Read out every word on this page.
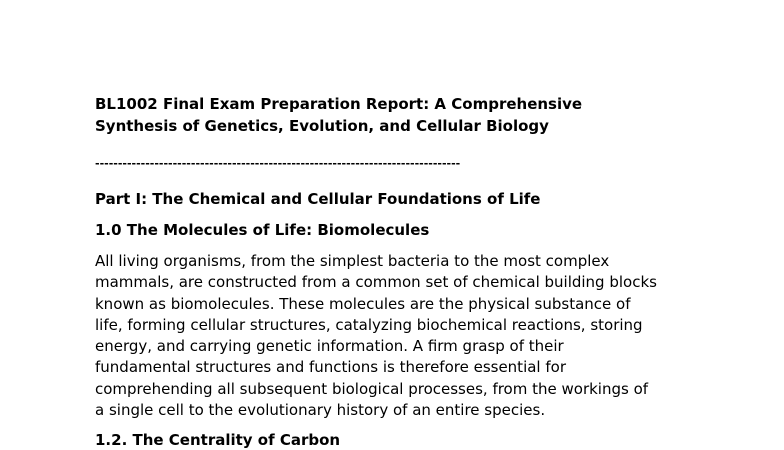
BL1002 Final Exam Preparation Report: A Comprehensive
Synthesis of Genetics, Evolution, and Cellular Biology
--------------------------------------------------------------------------------
Part I: The Chemical and Cellular Foundations of Life
1.0 The Molecules of Life: Biomolecules

All living organisms, from the simplest bacteria to the most complex
mammals, are constructed from a common set of chemical building blocks
known as biomolecules. These molecules are the physical substance of
life, forming cellular structures, catalyzing biochemical reactions, storing
energy, and carrying genetic information. A firm grasp of their
fundamental structures and functions is therefore essential for
comprehending all subsequent biological processes, from the workings of
a single cell to the evolutionary history of an entire species.

1.2. The Centrality of Carbon
